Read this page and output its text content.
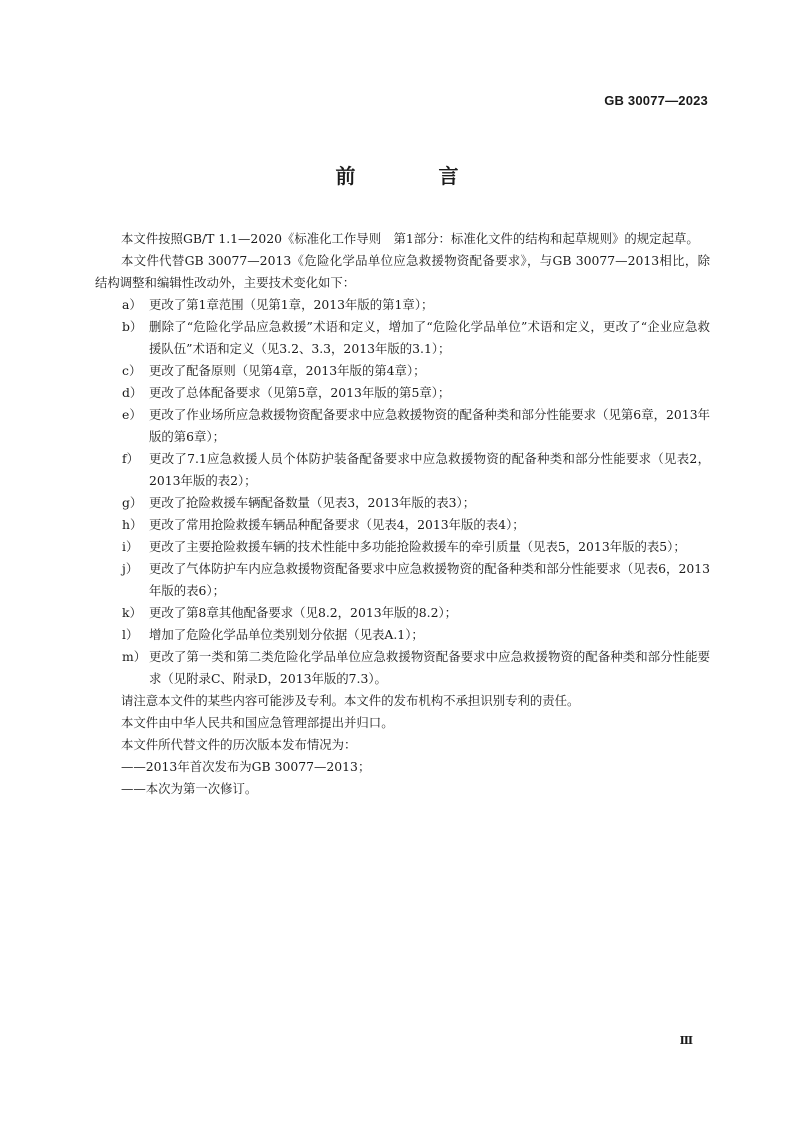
GB 30077—2023
前 言

本文件按照GB/T 1.1—2020《标准化工作导则　第1部分：标准化文件的结构和起草规则》的规定起草。

本文件代替GB 30077—2013《危险化学品单位应急救援物资配备要求》，与GB 30077—2013相比，除结构调整和编辑性改动外，主要技术变化如下：

a） 更改了第1章范围（见第1章，2013年版的第1章）；
b） 删除了“危险化学品应急救援”术语和定义，增加了“危险化学品单位”术语和定义，更改了“企业应急救援队伍”术语和定义（见3.2、3.3，2013年版的3.1）；
c） 更改了配备原则（见第4章，2013年版的第4章）；
d） 更改了总体配备要求（见第5章，2013年版的第5章）；
e） 更改了作业场所应急救援物资配备要求中应急救援物资的配备种类和部分性能要求（见第6章，2013年版的第6章）；
f） 更改了7.1应急救援人员个体防护装备配备要求中应急救援物资的配备种类和部分性能要求（见表2，2013年版的表2）；
g） 更改了抢险救援车辆配备数量（见表3，2013年版的表3）；
h） 更改了常用抢险救援车辆品种配备要求（见表4，2013年版的表4）；
i） 更改了主要抢险救援车辆的技术性能中多功能抢险救援车的牵引质量（见表5，2013年版的表5）；
j） 更改了气体防护车内应急救援物资配备要求中应急救援物资的配备种类和部分性能要求（见表6，2013年版的表6）；
k） 更改了第8章其他配备要求（见8.2，2013年版的8.2）；
l） 增加了危险化学品单位类别划分依据（见表A.1）；
m） 更改了第一类和第二类危险化学品单位应急救援物资配备要求中应急救援物资的配备种类和部分性能要求（见附录C、附录D，2013年版的7.3）。

请注意本文件的某些内容可能涉及专利。本文件的发布机构不承担识别专利的责任。

本文件由中华人民共和国应急管理部提出并归口。

本文件所代替文件的历次版本发布情况为：

——2013年首次发布为GB 30077—2013；

——本次为第一次修订。

Ⅲ
